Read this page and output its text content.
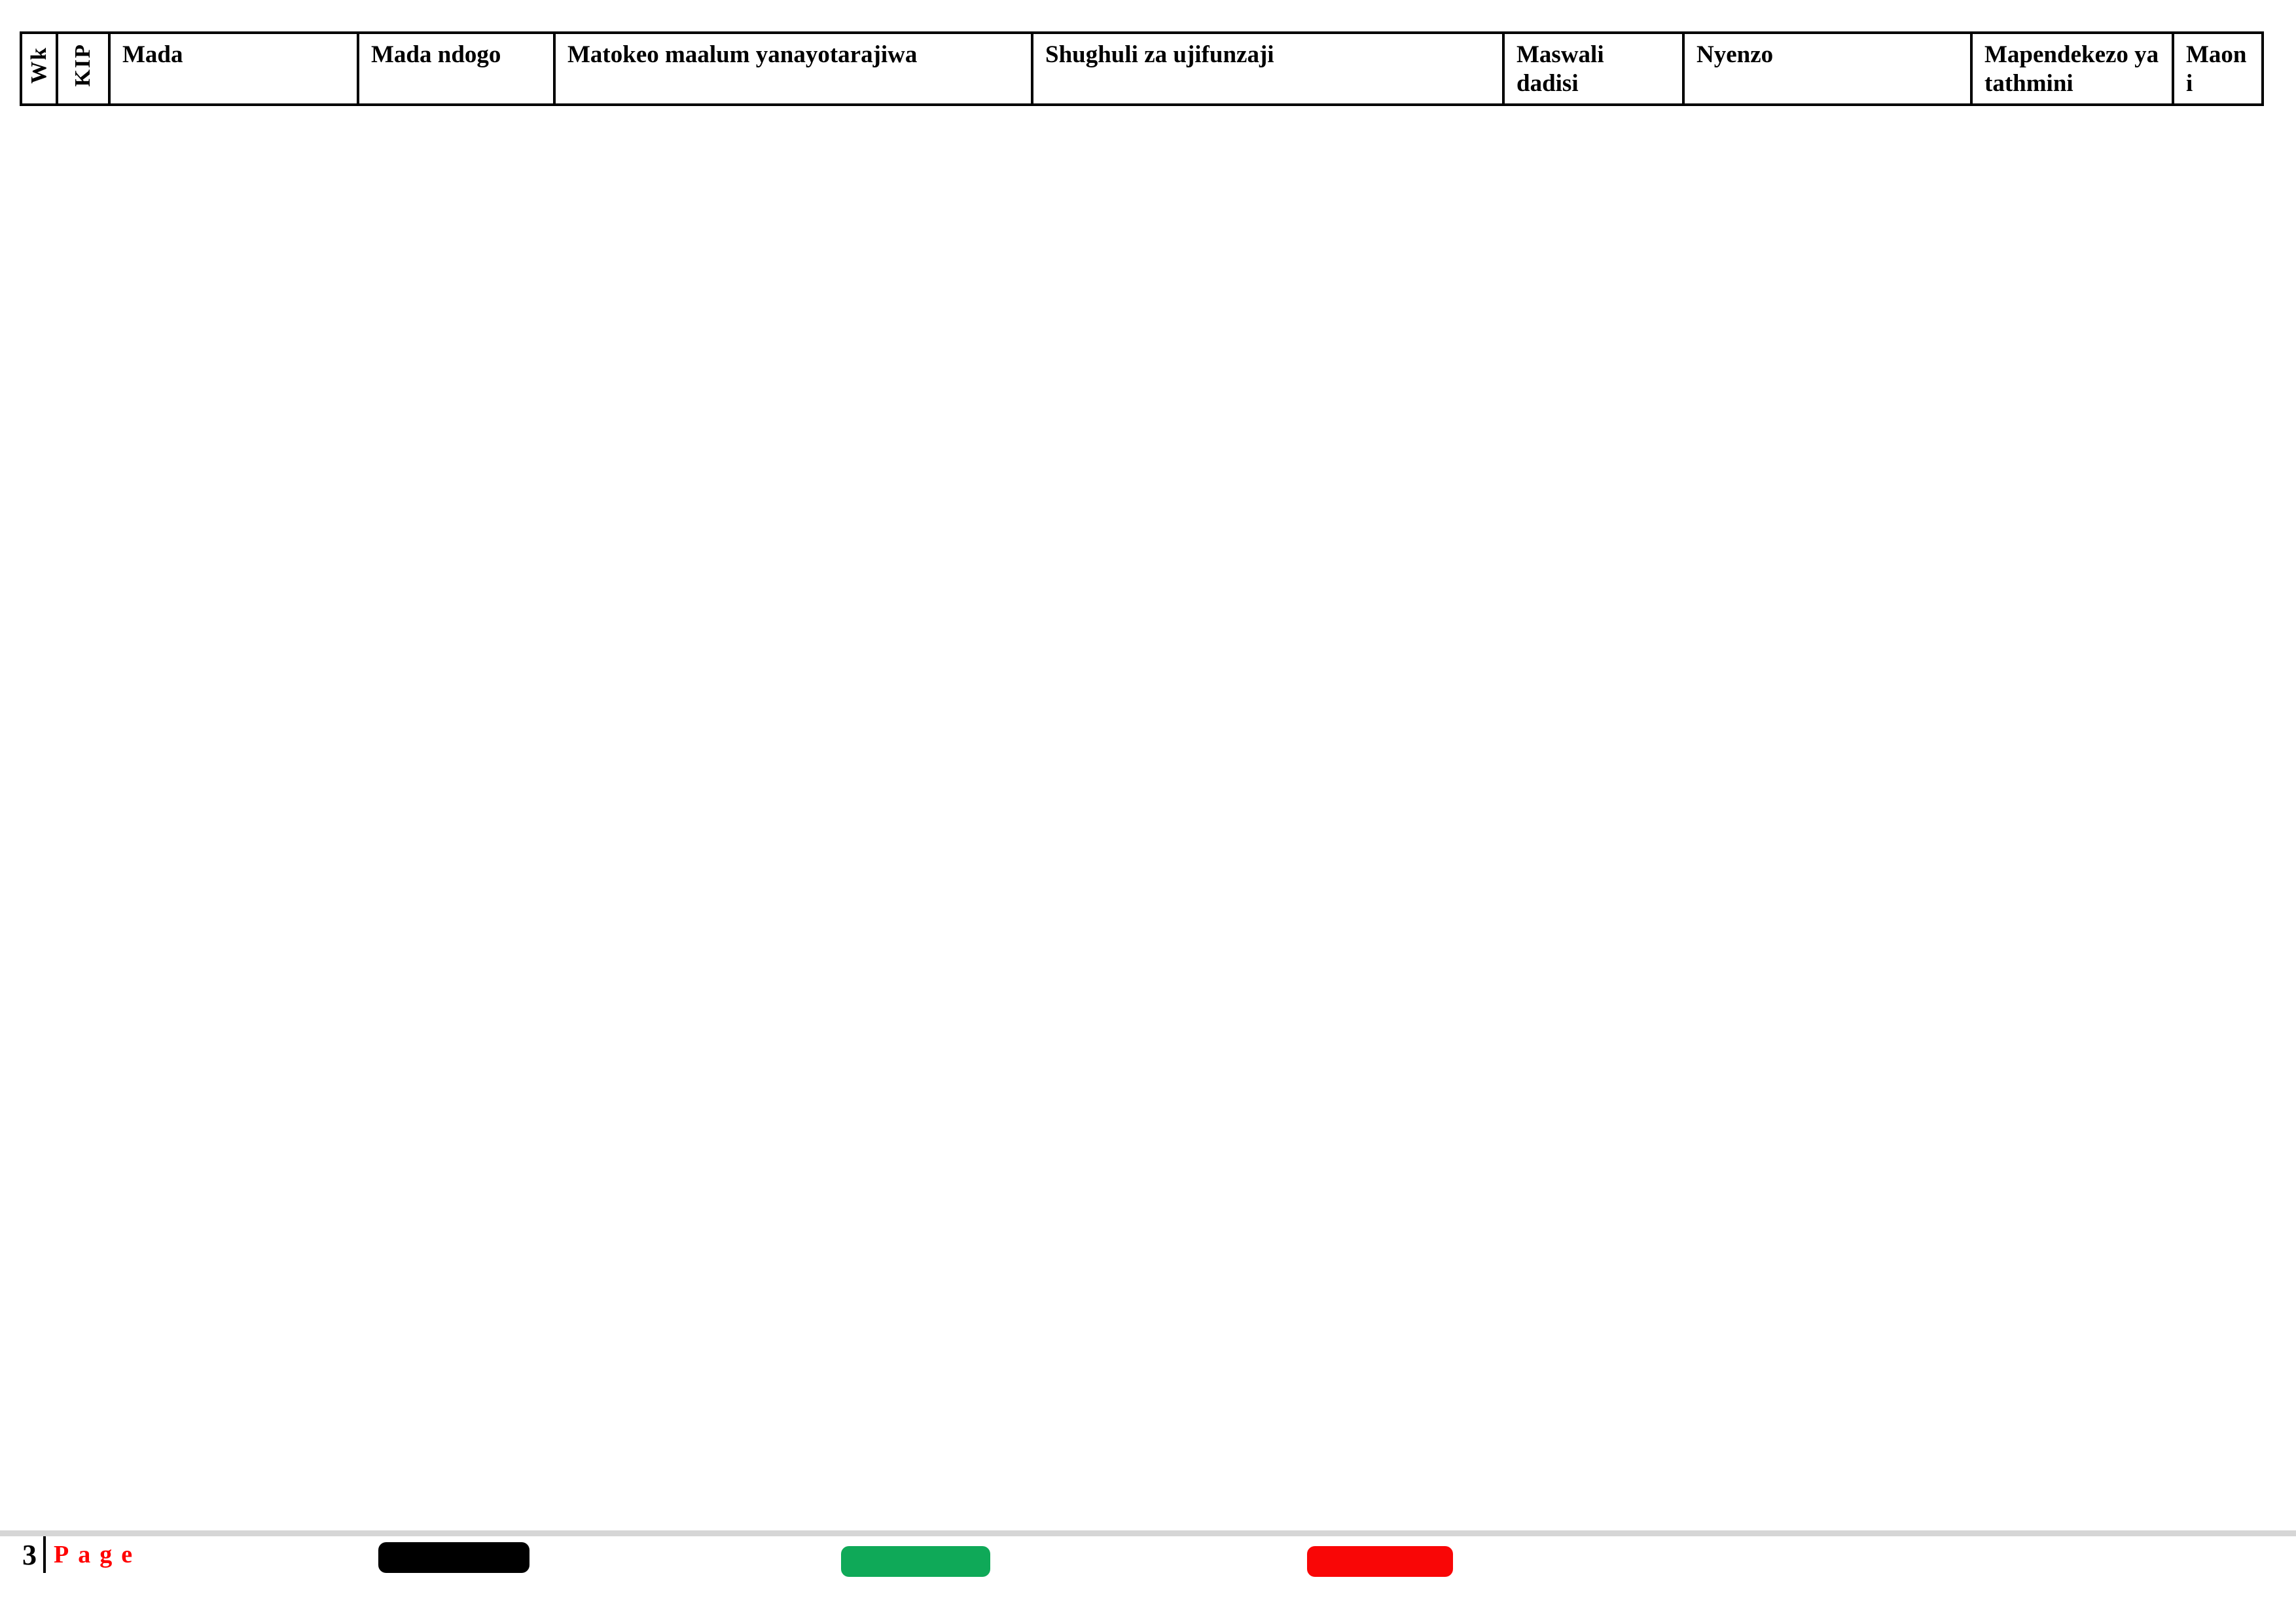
Wk	KIP	Mada	Mada ndogo	Matokeo maalum yanayotarajiwa	Shughuli za ujifunzaji	Maswali dadisi	Nyenzo	Mapendekezo ya tathmini	Maoni
3 Page
